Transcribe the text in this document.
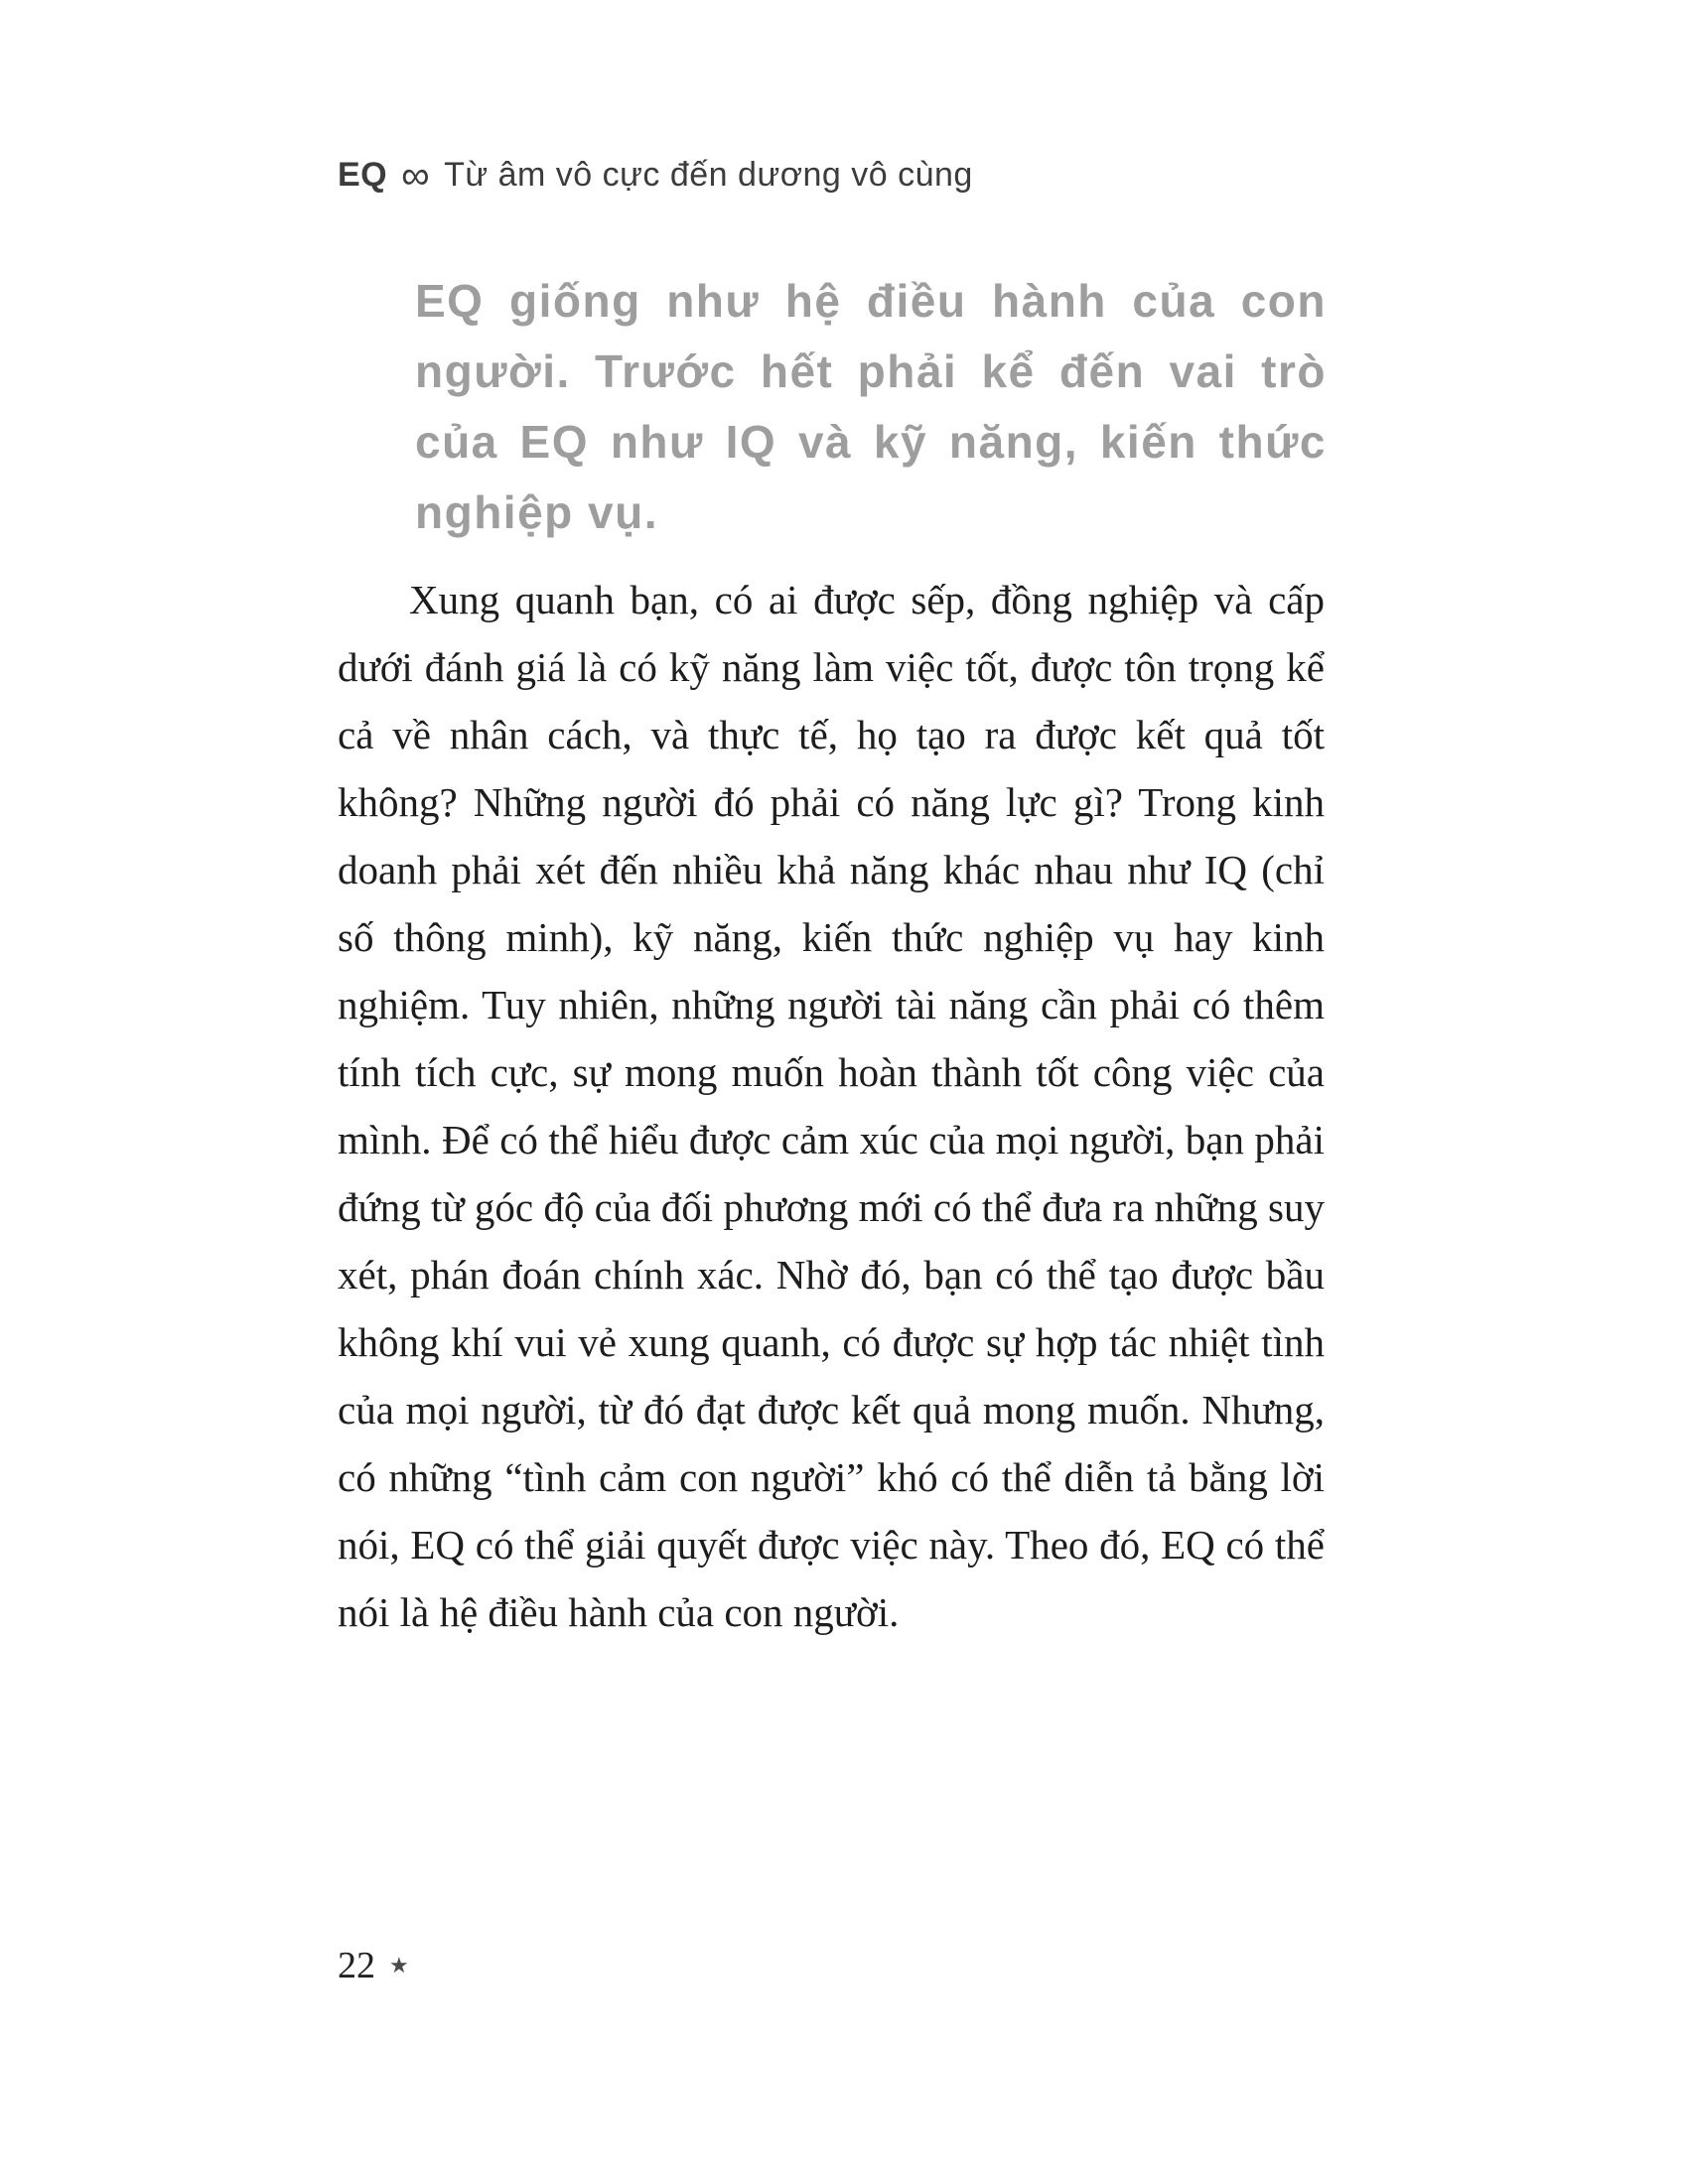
EQ ∞ Từ âm vô cực đến dương vô cùng
EQ giống như hệ điều hành của con người. Trước hết phải kể đến vai trò của EQ như IQ và kỹ năng, kiến thức nghiệp vụ.
Xung quanh bạn, có ai được sếp, đồng nghiệp và cấp dưới đánh giá là có kỹ năng làm việc tốt, được tôn trọng kể cả về nhân cách, và thực tế, họ tạo ra được kết quả tốt không? Những người đó phải có năng lực gì? Trong kinh doanh phải xét đến nhiều khả năng khác nhau như IQ (chỉ số thông minh), kỹ năng, kiến thức nghiệp vụ hay kinh nghiệm. Tuy nhiên, những người tài năng cần phải có thêm tính tích cực, sự mong muốn hoàn thành tốt công việc của mình. Để có thể hiểu được cảm xúc của mọi người, bạn phải đứng từ góc độ của đối phương mới có thể đưa ra những suy xét, phán đoán chính xác. Nhờ đó, bạn có thể tạo được bầu không khí vui vẻ xung quanh, có được sự hợp tác nhiệt tình của mọi người, từ đó đạt được kết quả mong muốn. Nhưng, có những “tình cảm con người” khó có thể diễn tả bằng lời nói, EQ có thể giải quyết được việc này. Theo đó, EQ có thể nói là hệ điều hành của con người.
22 ★
